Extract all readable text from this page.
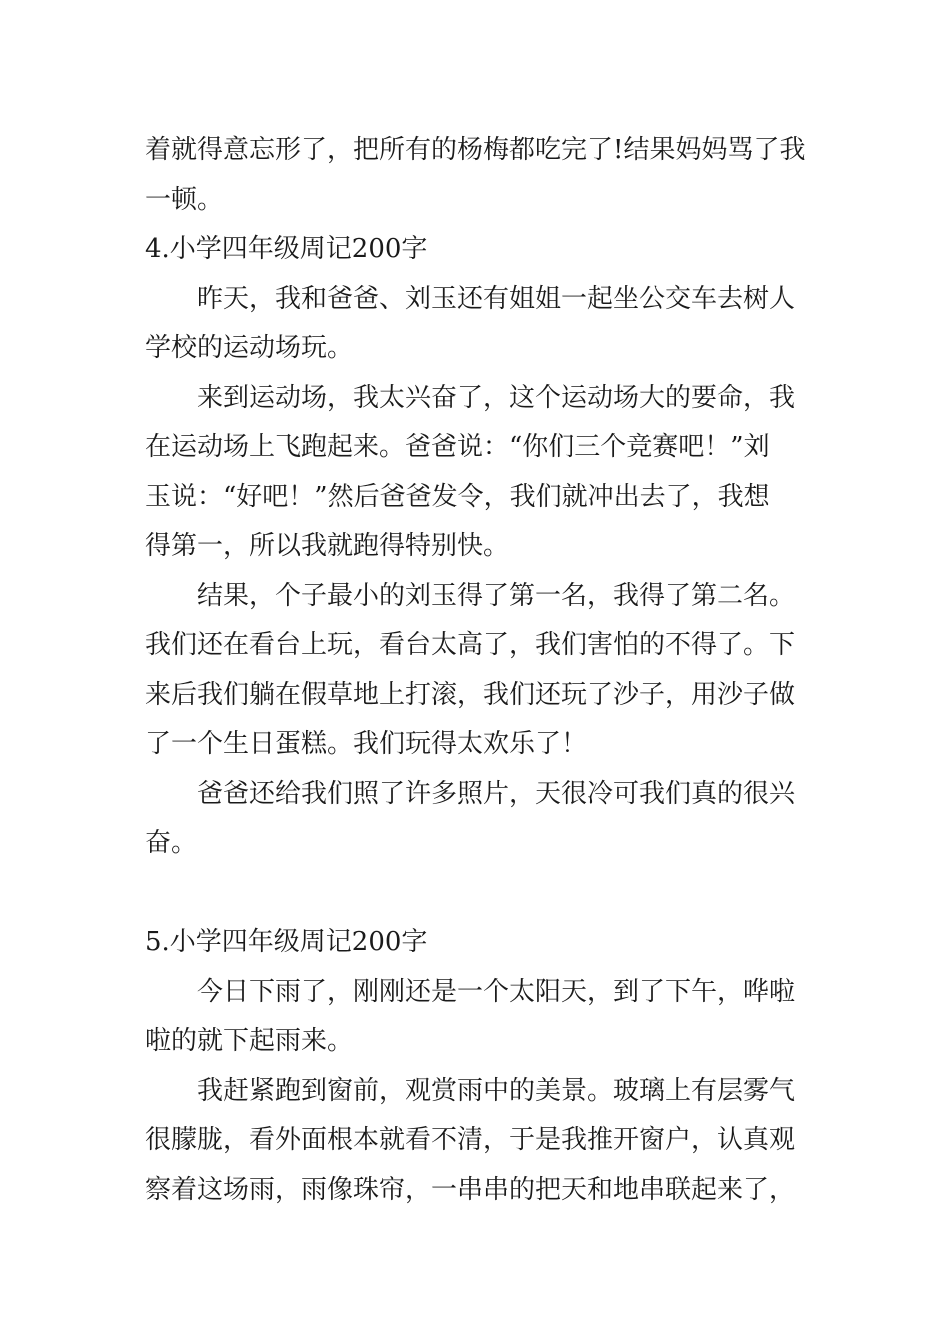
着就得意忘形了，把所有的杨梅都吃完了!结果妈妈骂了我
一顿。
4.小学四年级周记200字
昨天，我和爸爸、刘玉还有姐姐一起坐公交车去树人
学校的运动场玩。
来到运动场，我太兴奋了，这个运动场大的要命，我
在运动场上飞跑起来。爸爸说：“你们三个竞赛吧！”刘
玉说：“好吧！”然后爸爸发令，我们就冲出去了，我想
得第一，所以我就跑得特别快。
结果，个子最小的刘玉得了第一名，我得了第二名。
我们还在看台上玩，看台太高了，我们害怕的不得了。下
来后我们躺在假草地上打滚，我们还玩了沙子，用沙子做
了一个生日蛋糕。我们玩得太欢乐了！
爸爸还给我们照了许多照片，天很冷可我们真的很兴
奋。
5.小学四年级周记200字
今日下雨了，刚刚还是一个太阳天，到了下午，哗啦
啦的就下起雨来。
我赶紧跑到窗前，观赏雨中的美景。玻璃上有层雾气
很朦胧，看外面根本就看不清，于是我推开窗户，认真观
察着这场雨，雨像珠帘，一串串的把天和地串联起来了，
